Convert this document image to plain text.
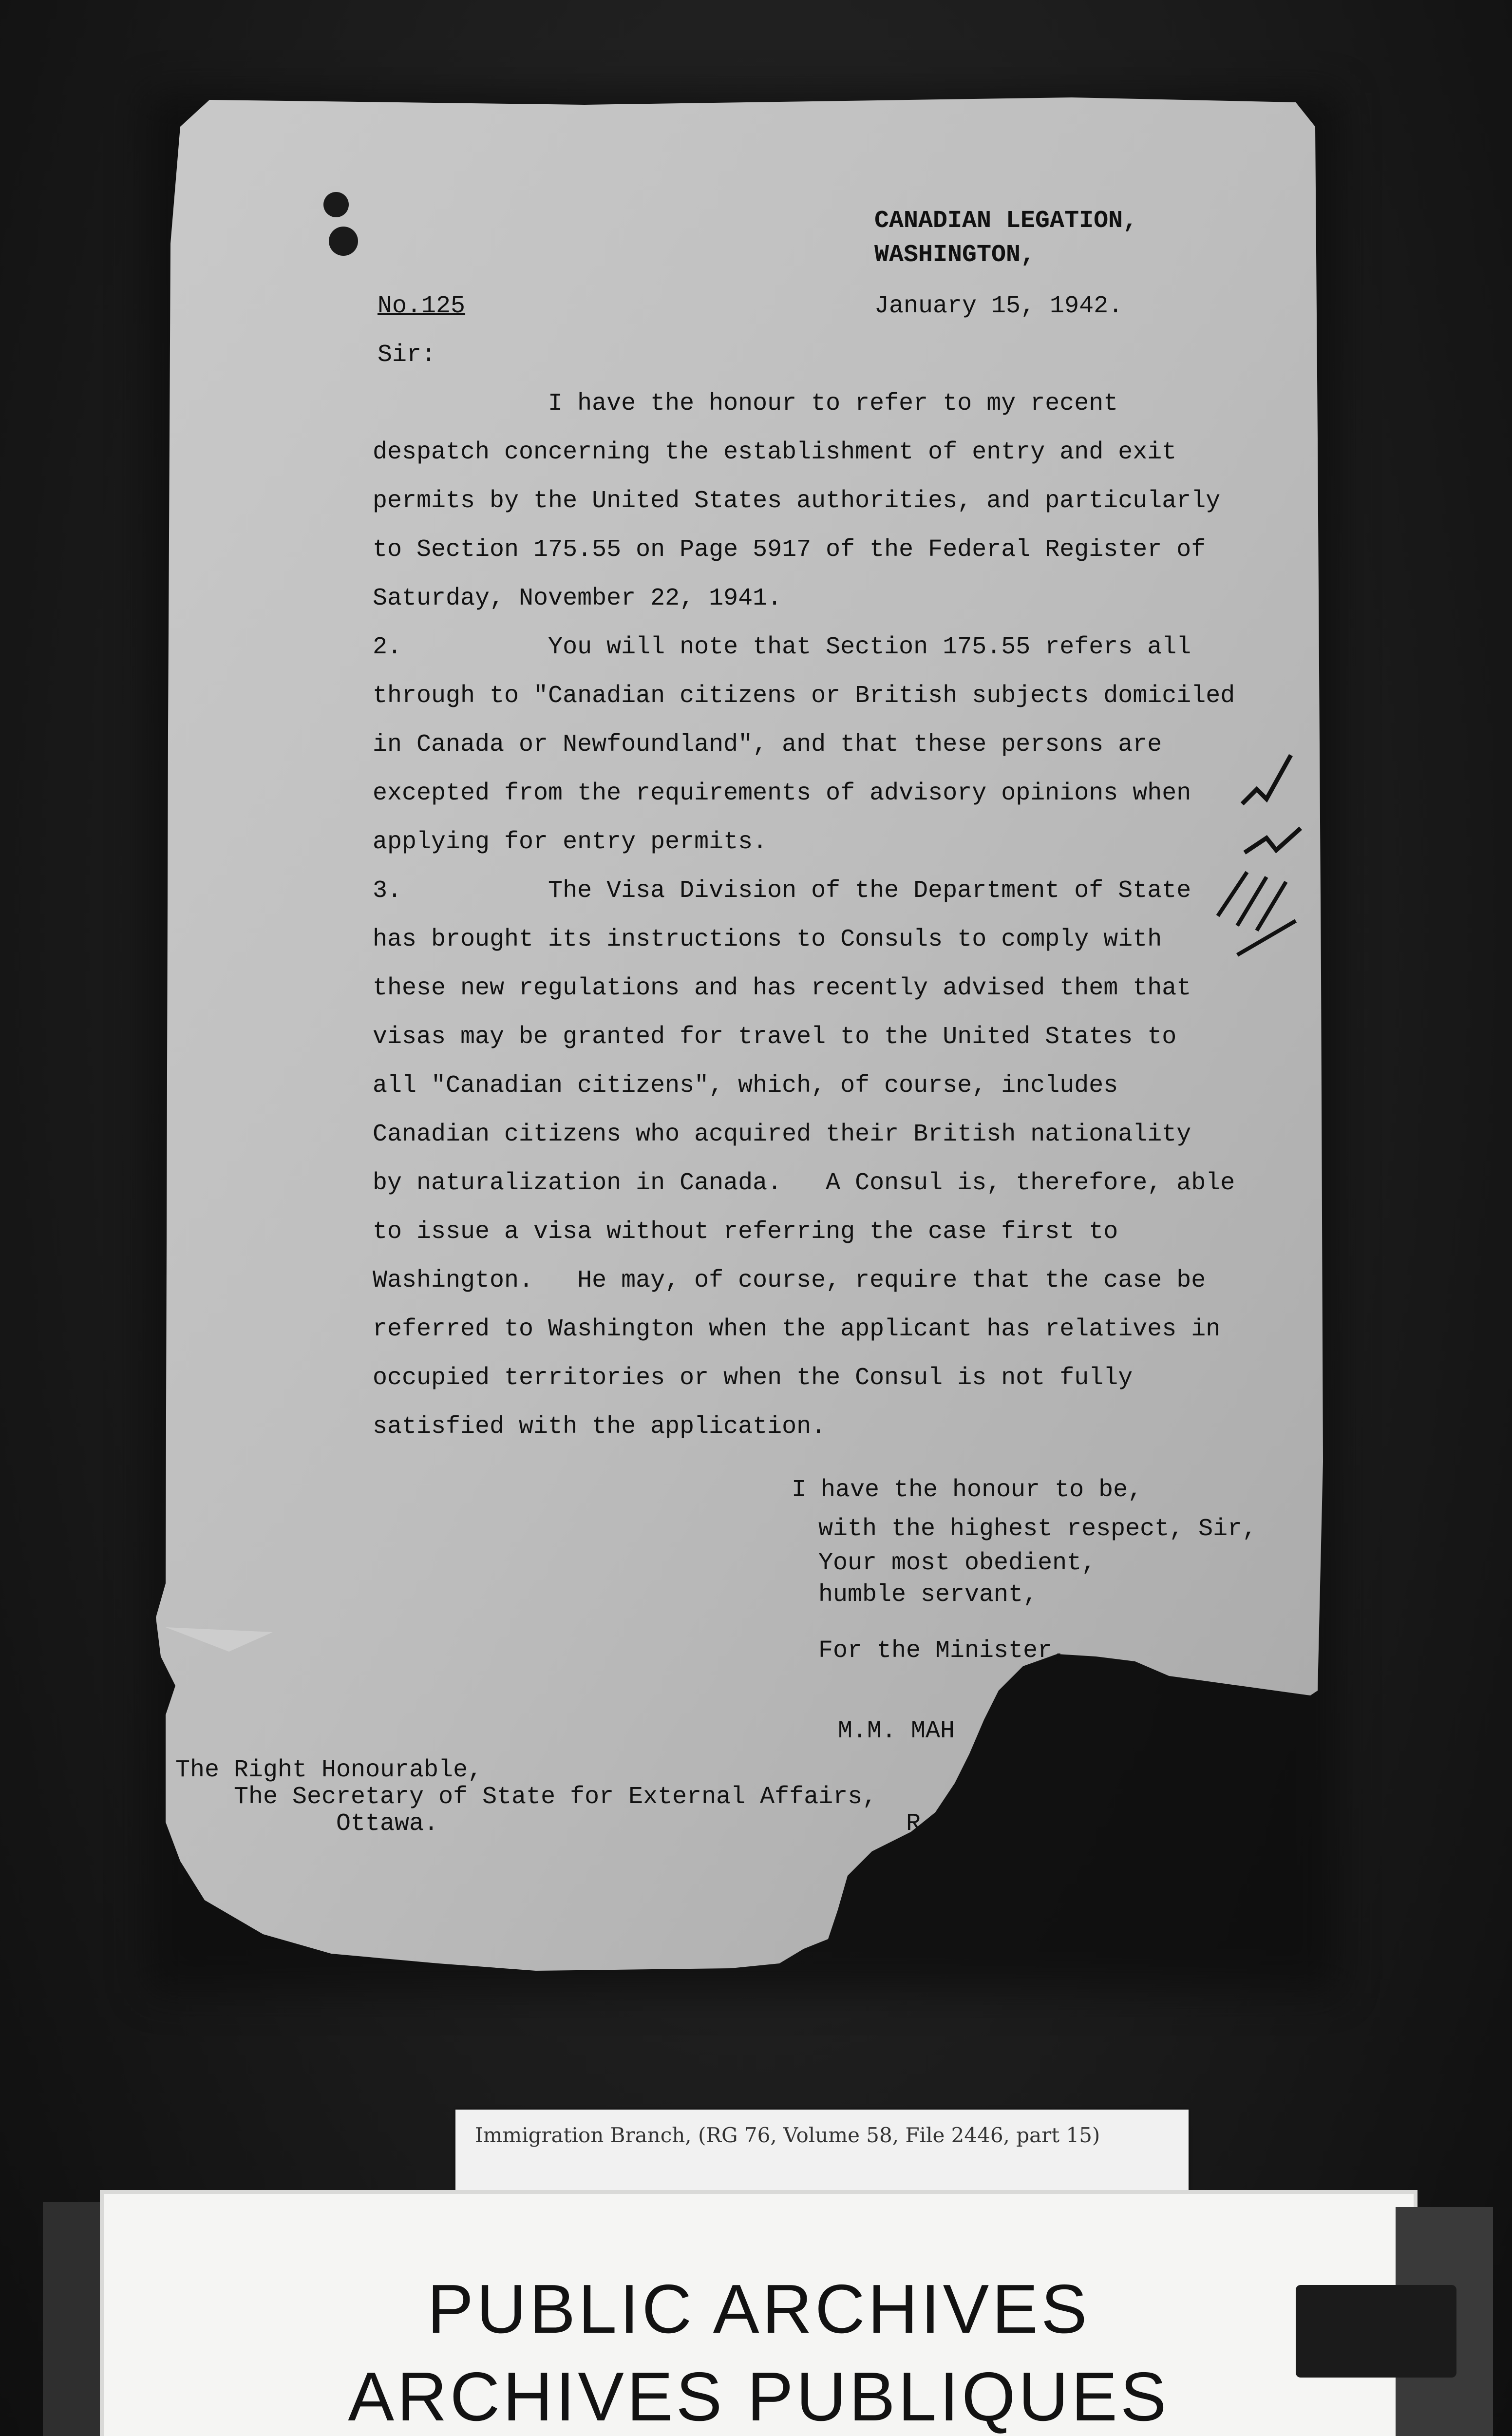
CANADIAN LEGATION,
WASHINGTON,
January 15, 1942.
No.125
Sir:
I have the honour to refer to my recent
despatch concerning the establishment of entry and exit
permits by the United States authorities, and particularly
to Section 175.55 on Page 5917 of the Federal Register of
Saturday, November 22, 1941.
2.          You will note that Section 175.55 refers all
through to "Canadian citizens or British subjects domiciled
in Canada or Newfoundland", and that these persons are
excepted from the requirements of advisory opinions when
applying for entry permits.
3.          The Visa Division of the Department of State
has brought its instructions to Consuls to comply with
these new regulations and has recently advised them that
visas may be granted for travel to the United States to
all "Canadian citizens", which, of course, includes
Canadian citizens who acquired their British nationality
by naturalization in Canada.   A Consul is, therefore, able
to issue a visa without referring the case first to
Washington.   He may, of course, require that the case be
referred to Washington when the applicant has relatives in
occupied territories or when the Consul is not fully
satisfied with the application.
I have the honour to be,
with the highest respect, Sir,
Your most obedient,
humble servant,
For the Minister,
M.M. MAH
R
The Right Honourable,
The Secretary of State for External Affairs,
Ottawa.
Immigration Branch, (RG 76, Volume 58, File 2446, part 15)
PUBLIC ARCHIVES
ARCHIVES PUBLIQUES
